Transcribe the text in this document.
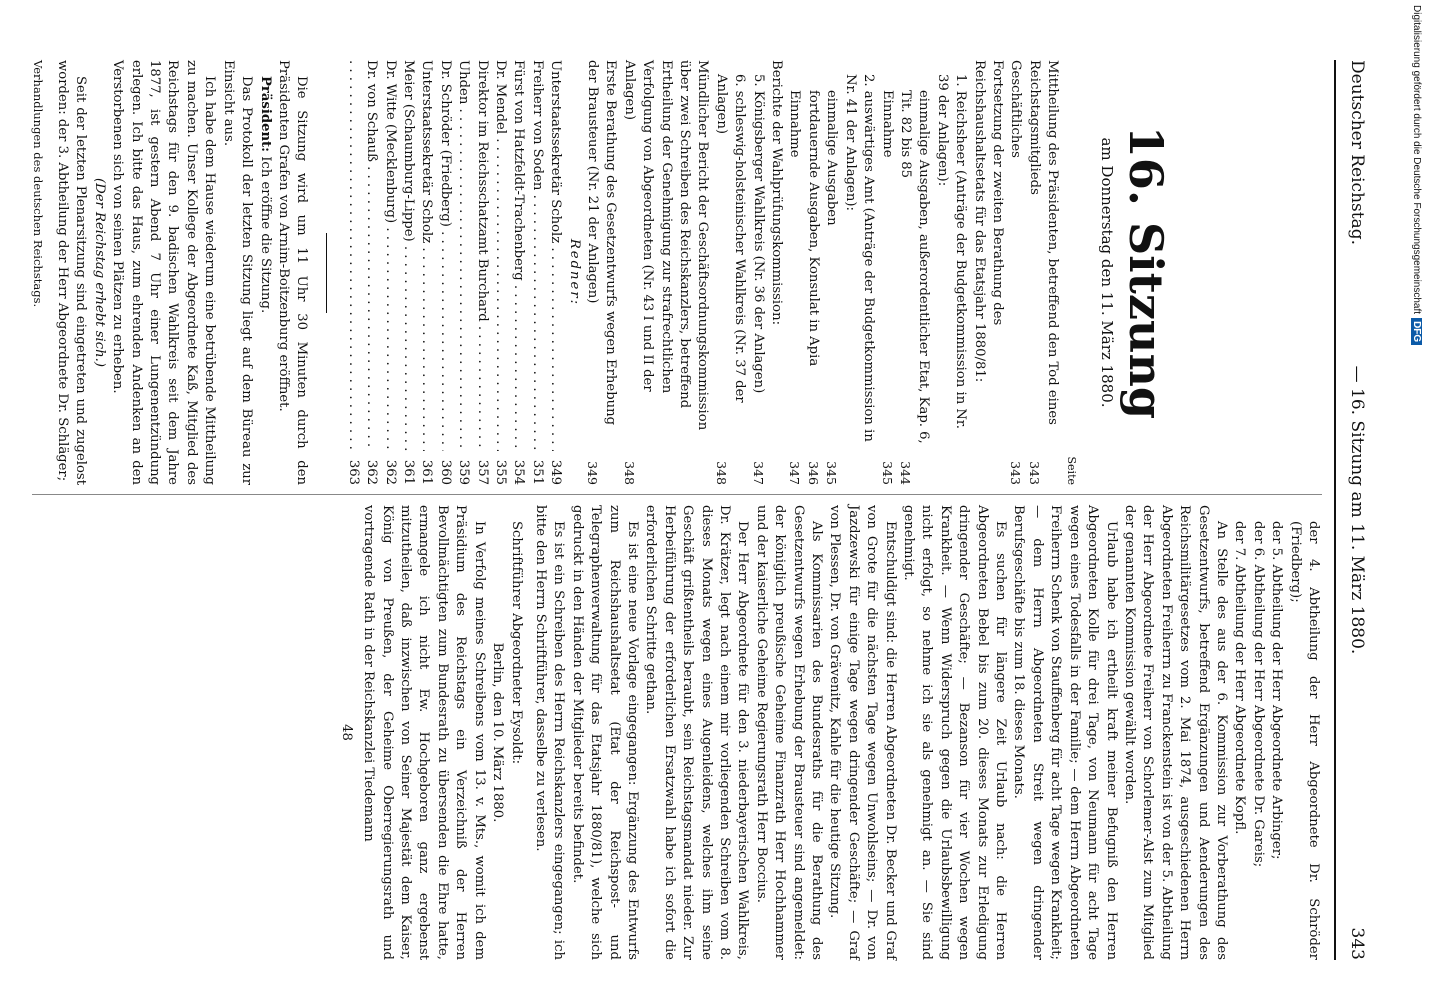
Deutscher Reichstag.
— 16. Sitzung am 11. März 1880.
343
16. Sitzung
am Donnerstag den 11. März 1880.
Seite
Mittheilung des Präsidenten, betreffend den Tod eines Reichstagsmitglieds
343
Geschäftliches
343
Fortsetzung der zweiten Berathung des Reichshaushaltsetats für das Etatsjahr 1880/81:
1. Reichsheer (Anträge der Budgetkommission in Nr. 39 der Anlagen):
einmalige Ausgaben, außerordentlicher Etat, Kap. 6, Tit. 82 bis 85
344
Einnahme
345
2. auswärtiges Amt (Anträge der Budgetkommission in Nr. 41 der Anlagen):
einmalige Ausgaben
345
fortdauernde Ausgaben, Konsulat in Apia
346
Einnahme
347
Berichte der Wahlprüfungskommission:
5. Königsberger Wahlkreis (Nr. 36 der Anlagen)
347
6. schleswig-holsteinischer Wahlkreis (Nr. 37 der Anlagen)
348
Mündlicher Bericht der Geschäftsordnungskommission über zwei Schreiben des Reichskanzlers, betreffend Ertheilung der Genehmigung zur strafrechtlichen Verfolgung von Abgeordneten (Nr. 43 I und II der Anlagen)
348
Erste Berathung des Gesetzentwurfs wegen Erhebung der Brausteuer (Nr. 21 der Anlagen)
349
Redner:
Unterstaatssekretär Scholz . . .
349
Freiherr von Soden . . .
351
Fürst von Hatzfeldt-Trachenberg . . .
354
Dr. Mendel . . .
355
Direktor im Reichsschatzamt Burchard . . .
357
Uhden . . .
359
Dr. Schröder (Friedberg) . . .
360
Unterstaatssekretär Scholz . . .
361
Meier (Schaumburg-Lippe) . . .
361
Dr. Witte (Mecklenburg) . . .
362
Dr. von Schauß . . .
362
. . .
363

Die Sitzung wird um 11 Uhr 30 Minuten durch den Präsidenten Grafen von Arnim-Boitzenburg eröffnet.

Präsident: Ich eröffne die Sitzung.

Das Protokoll der letzten Sitzung liegt auf dem Büreau zur Einsicht aus.

Ich habe dem Hause wiederum eine betrübende Mittheilung zu machen. Unser Kollege der Abgeordnete Kaß, Mitglied des Reichstags für den 9. badischen Wahlkreis seit dem Jahre 1877, ist gestern Abend 7 Uhr einer Lungenentzündung erlegen. Ich bitte das Haus, zum ehrenden Andenken an den Verstorbenen sich von seinen Plätzen zu erheben.

(Der Reichstag erhebt sich.)

Seit der letzten Plenarsitzung sind eingetreten und zugelost worden: der 3. Abtheilung der Herr Abgeordnete Dr. Schläger;

Verhandlungen des deutschen Reichstags.

der 4. Abtheilung der Herr Abgeordnete Dr. Schröder (Friedberg);

der 5. Abtheilung der Herr Abgeordnete Arbinger;

der 6. Abtheilung der Herr Abgeordnete Dr. Gareis;

der 7. Abtheilung der Herr Abgeordnete Kopfl.

An Stelle des aus der 6. Kommission zur Vorberathung des Gesetzentwurfs, betreffend Ergänzungen und Aenderungen des Reichsmilitärgesetzes vom 2. Mai 1874, ausgeschiedenen Herrn Abgeordneten Freiherrn zu Franckenstein ist von der 5. Abtheilung der Herr Abgeordnete Freiherr von Schorlemer-Alst zum Mitglied der genannten Kommission gewählt worden.

Urlaub habe ich ertheilt kraft meiner Befugniß den Herren Abgeordneten Kolle für drei Tage, von Neumann für acht Tage wegen eines Todesfalls in der Familie; — dem Herrn Abgeordneten Freiherrn Schenk von Stauffenberg für acht Tage wegen Krankheit; — dem Herrn Abgeordneten Streit wegen dringender Berufsgeschäfte bis zum 18. dieses Monats.

Es suchen für längere Zeit Urlaub nach: die Herren Abgeordneten Bebel bis zum 20. dieses Monats zur Erledigung dringender Geschäfte; — Bezanson für vier Wochen wegen Krankheit. — Wenn Widerspruch gegen die Urlaubsbewilligung nicht erfolgt, so nehme ich sie als genehmigt an. — Sie sind genehmigt.

Entschuldigt sind: die Herren Abgeordneten Dr. Becker und Graf von Grote für die nächsten Tage wegen Unwohlseins; — Dr. von Jazdzewski für einige Tage wegen dringender Geschäfte; — Graf von Plessen, Dr. von Grävenitz, Kahle für die heutige Sitzung.

Als Kommissarien des Bundesraths für die Berathung des Gesetzentwurfs wegen Erhebung der Brausteuer sind angemeldet: der königlich preußische Geheime Finanzrath Herr Hochhammer und der kaiserliche Geheime Regierungsrath Herr Boccius.

Der Herr Abgeordnete für den 3. niederbayerischen Wahlkreis, Dr. Krätzer, legt nach einem mir vorliegenden Schreiben vom 8. dieses Monats wegen eines Augenleidens, welches ihm seine Geschäft grißtentheils beraubt, sein Reichstagsmandat nieder. Zur Herbeiführung der erforderlichen Ersatzwahl habe ich sofort die erforderlichen Schritte gethan.

Es ist eine neue Vorlage eingegangen: Ergänzung des Entwurfs zum Reichshaushaltsetat (Etat der Reichspost- und Telegraphenverwaltung für das Etatsjahr 1880/81), welche sich gedruckt in den Händen der Mitglieder bereits befindet.

Es ist ein Schreiben des Herrn Reichskanzlers eingegangen; ich bitte den Herrn Schriftführer, dasselbe zu verlesen.

Schriftführer Abgeordneter Eysoldt:

Berlin, den 10. März 1880.

In Verfolg meines Schreibens vom 13. v. Mts., womit ich dem Präsidium des Reichstags ein Verzeichniß der Herren Bevollmächtigten zum Bundesrath zu übersenden die Ehre hatte, ermangele ich nicht Ew. Hochgeboren ganz ergebenst mitzutheilen, daß inzwischen von Seiner Majestät dem Kaiser, König von Preußen, der Geheime Oberregierungsrath und vortragende Rath in der Reichskanzlei Tiedemann

48

Digitalisierung gefördert durch die Deutsche ForschungsgemeinschaftDFG
